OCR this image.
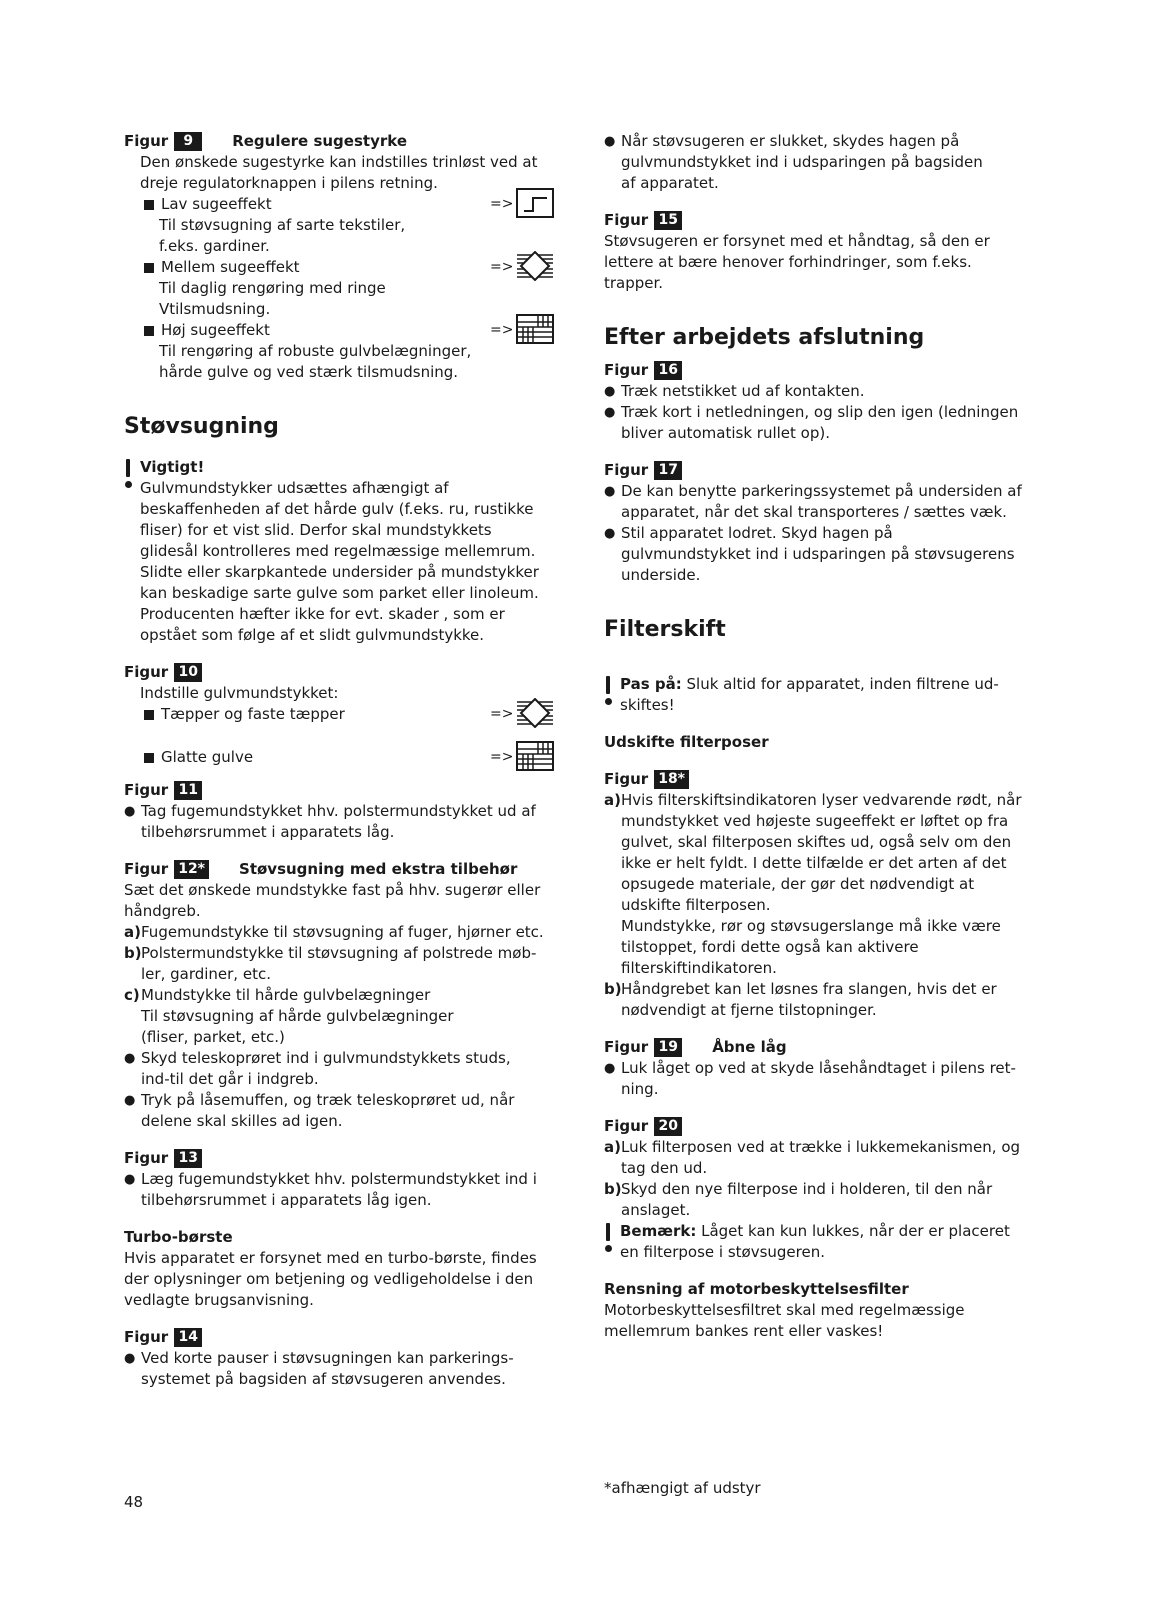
Figur	9	Regulere sugestyrke
Den ønskede sugestyrke kan indstilles trinløst ved at
dreje regulatorknappen i pilens retning.
Lav sugeeffekt	=>
Til støvsugning af sarte tekstiler,
f.eks. gardiner.
Mellem sugeeffekt	=>
Til daglig rengøring med ringe
Vtilsmudsning.
Høj sugeeffekt	=>
Til rengøring af robuste gulvbelægninger,
hårde gulve og ved stærk tilsmudsning.
Støvsugning
Vigtigt!
Gulvmundstykker udsættes afhængigt af
beskaffenheden af det hårde gulv (f.eks. ru, rustikke
fliser) for et vist slid. Derfor skal mundstykkets
glidesål kontrolleres med regelmæssige mellemrum.
Slidte eller skarpkantede undersider på mundstykker
kan beskadige sarte gulve som parket eller linoleum.
Producenten hæfter ikke for evt. skader , som er
opstået som følge af et slidt gulvmundstykke.
Figur 10
Indstille gulvmundstykket:
Tæpper og faste tæpper	=>
Glatte gulve	=>
Figur 11
● Tag fugemundstykket hhv. polstermundstykket ud af
tilbehørsrummet i apparatets låg.
Figur 12* Støvsugning med ekstra tilbehør
Sæt det ønskede mundstykke fast på hhv. sugerør eller
håndgreb.
a) Fugemundstykke til støvsugning af fuger, hjørner etc.
b) Polstermundstykke til støvsugning af polstrede møb-
ler, gardiner, etc.
c) Mundstykke til hårde gulvbelægninger
Til støvsugning af hårde gulvbelægninger
(fliser, parket, etc.)
● Skyd teleskoprøret ind i gulvmundstykkets studs,
ind-til det går i indgreb.
● Tryk på låsemuffen, og træk teleskoprøret ud, når
delene skal skilles ad igen.
Figur 13
● Læg fugemundstykket hhv. polstermundstykket ind i
tilbehørsrummet i apparatets låg igen.
Turbo-børste
Hvis apparatet er forsynet med en turbo-børste, findes
der oplysninger om betjening og vedligeholdelse i den
vedlagte brugsanvisning.
Figur 14
● Ved korte pauser i støvsugningen kan parkerings-
systemet på bagsiden af støvsugeren anvendes.
● Når støvsugeren er slukket, skydes hagen på
gulvmundstykket ind i udsparingen på bagsiden
af apparatet.
Figur 15
Støvsugeren er forsynet med et håndtag, så den er
lettere at bære henover forhindringer, som f.eks.
trapper.
Efter arbejdets afslutning
Figur 16
● Træk netstikket ud af kontakten.
● Træk kort i netledningen, og slip den igen (ledningen
bliver automatisk rullet op).
Figur 17
● De kan benytte parkeringssystemet på undersiden af
apparatet, når det skal transporteres / sættes væk.
● Stil apparatet lodret. Skyd hagen på
gulvmundstykket ind i udsparingen på støvsugerens
underside.
Filterskift
Pas på: Sluk altid for apparatet, inden filtrene ud-
skiftes!
Udskifte filterposer
Figur 18*
a) Hvis filterskiftsindikatoren lyser vedvarende rødt, når
mundstykket ved højeste sugeeffekt er løftet op fra
gulvet, skal filterposen skiftes ud, også selv om den
ikke er helt fyldt. I dette tilfælde er det arten af det
opsugede materiale, der gør det nødvendigt at
udskifte filterposen.
Mundstykke, rør og støvsugerslange må ikke være
tilstoppet, fordi dette også kan aktivere
filterskiftindikatoren.
b) Håndgrebet kan let løsnes fra slangen, hvis det er
nødvendigt at fjerne tilstopninger.
Figur 19 Åbne låg
● Luk låget op ved at skyde låsehåndtaget i pilens ret-
ning.
Figur 20
a) Luk filterposen ved at trække i lukkemekanismen, og
tag den ud.
b) Skyd den nye filterpose ind i holderen, til den når
anslaget.
Bemærk: Låget kan kun lukkes, når der er placeret
en filterpose i støvsugeren.
Rensning af motorbeskyttelsesfilter
Motorbeskyttelsesfiltret skal med regelmæssige
mellemrum bankes rent eller vaskes!
*afhængigt af udstyr
48
